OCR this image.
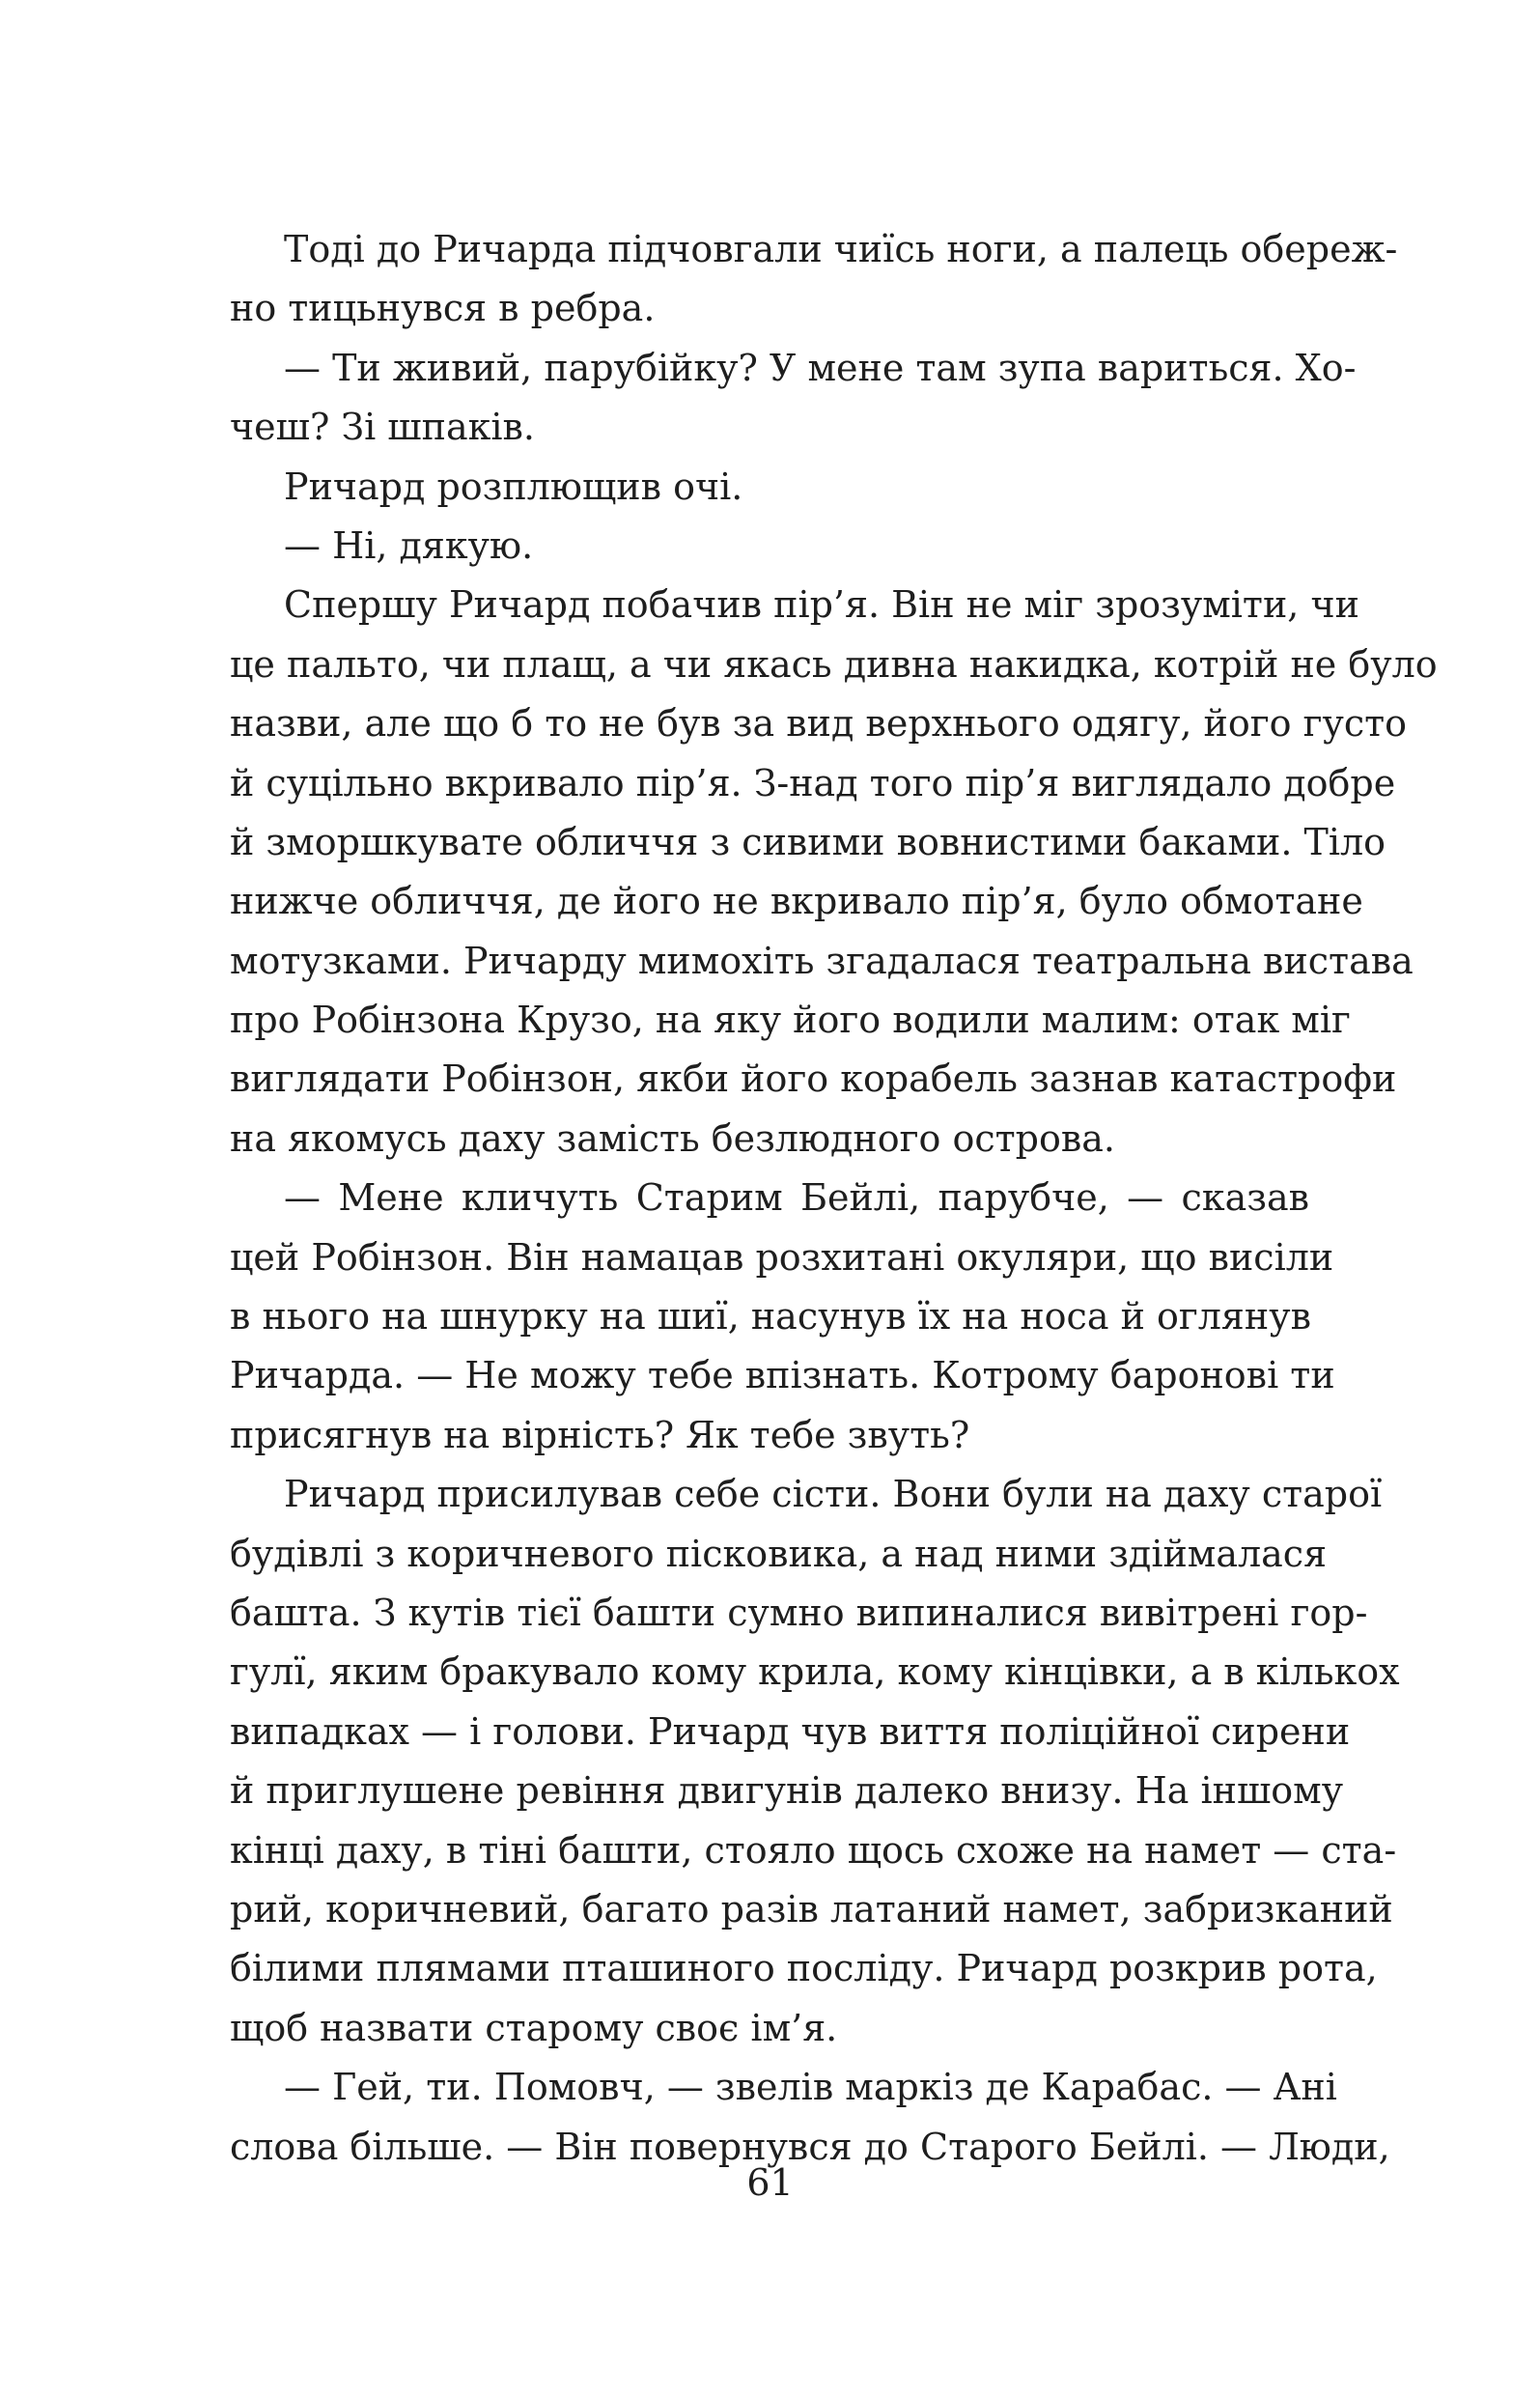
Тоді до Ричарда підчовгали чиїсь ноги, а палець обереж-
но тицьнувся в ребра.
— Ти живий, парубійку? У мене там зупа вариться. Хо-
чеш? Зі шпаків.
Ричард розплющив очі.
— Ні, дякую.
Спершу Ричард побачив пір’я. Він не міг зрозуміти, чи
це пальто, чи плащ, а чи якась дивна накидка, котрій не було
назви, але що б то не був за вид верхнього одягу, його густо
й суцільно вкривало пір’я. З-над того пір’я виглядало добре
й зморшкувате обличчя з сивими вовнистими баками. Тіло
нижче обличчя, де його не вкривало пір’я, було обмотане
мотузками. Ричарду мимохіть згадалася театральна вистава
про Робінзона Крузо, на яку його водили малим: отак міг
виглядати Робінзон, якби його корабель зазнав катастрофи
на якомусь даху замість безлюдного острова.
— Мене кличуть Старим Бейлі, парубче, — сказав
цей Робінзон. Він намацав розхитані окуляри, що висіли
в нього на шнурку на шиї, насунув їх на носа й оглянув
Ричарда. — Не можу тебе впізнать. Котрому баронові ти
присягнув на вірність? Як тебе звуть?
Ричард присилував себе сісти. Вони були на даху старої
будівлі з коричневого пісковика, а над ними здіймалася
башта. З кутів тієї башти сумно випиналися вивітрені гор-
гулї, яким бракувало кому крила, кому кінцівки, а в кількох
випадках — і голови. Ричард чув виття поліційної сирени
й приглушене ревіння двигунів далеко внизу. На іншому
кінці даху, в тіні башти, стояло щось схоже на намет — ста-
рий, коричневий, багато разів латаний намет, забризканий
білими плямами пташиного посліду. Ричард розкрив рота,
щоб назвати старому своє ім’я.
— Гей, ти. Помовч, — звелів маркіз де Карабас. — Ані
слова більше. — Він повернувся до Старого Бейлі. — Люди,
61
